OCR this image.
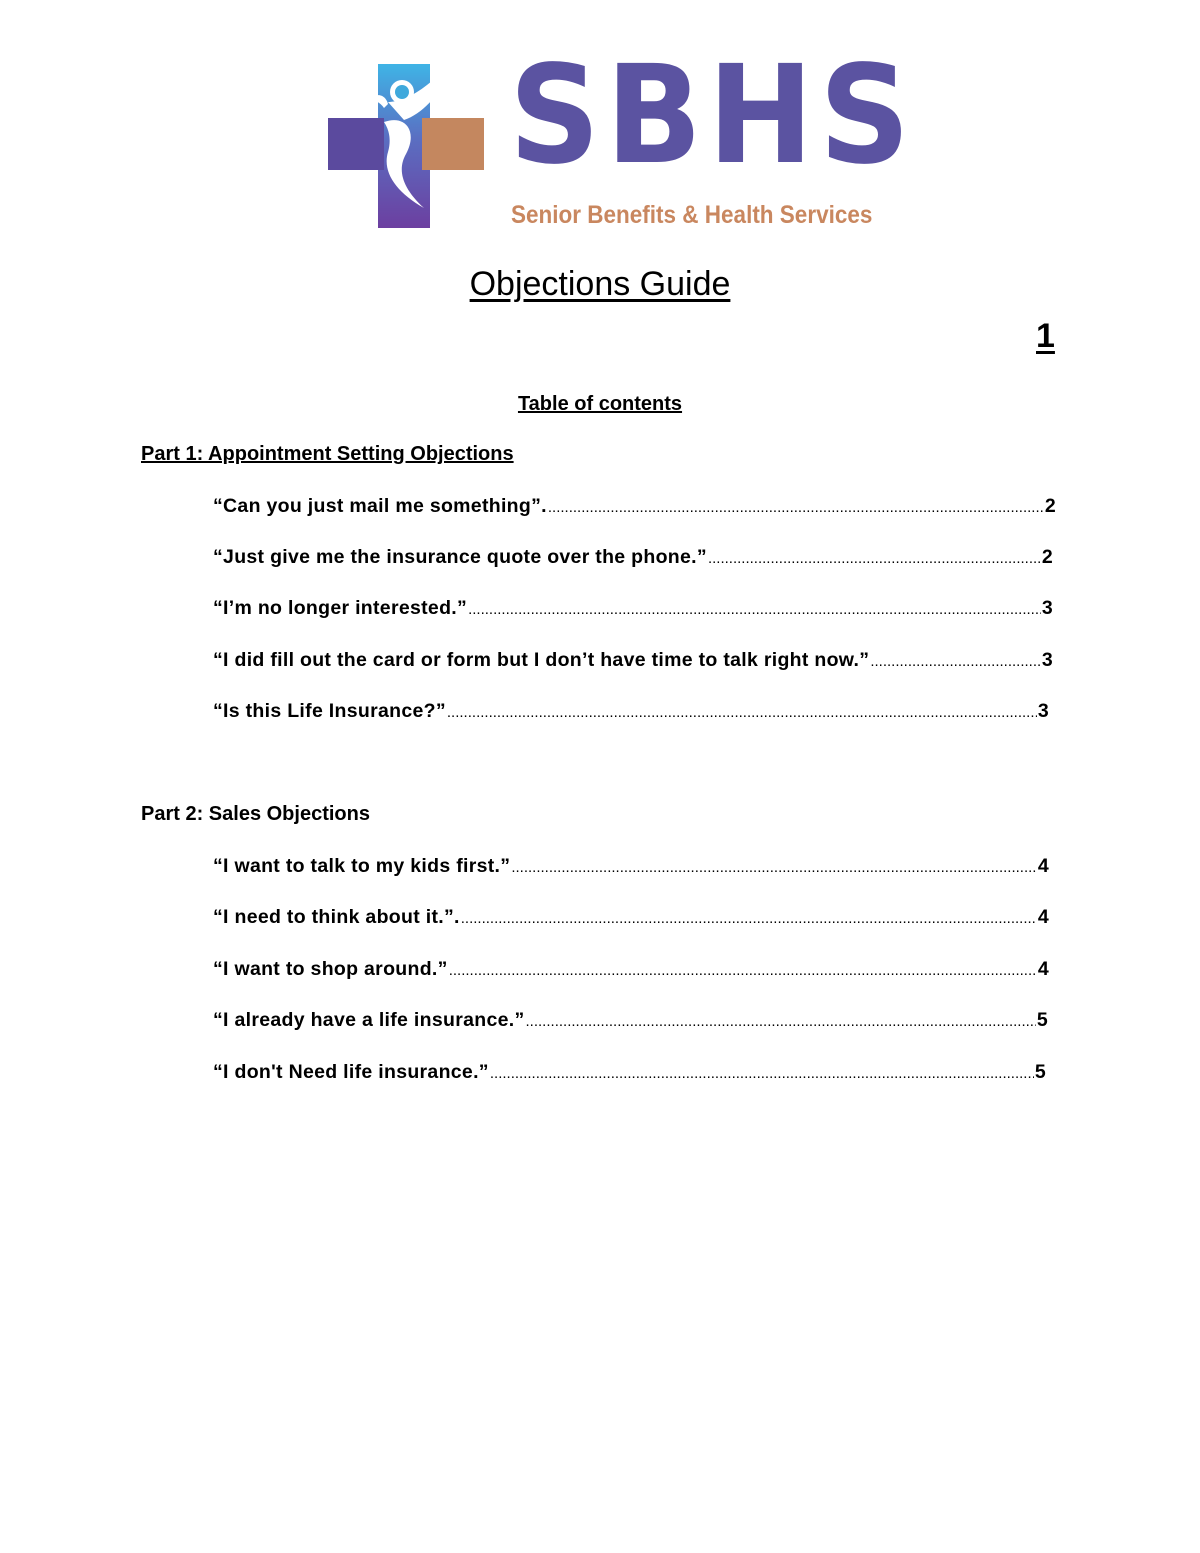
SBHS
Senior Benefits & Health Services
Objections Guide
1
Table of contents
Part 1: Appointment Setting Objections
“Can you just mail me something”. .....	2
“Just give me the insurance quote over the phone.” .....	2
“I’m no longer interested.” .....	3
“I did fill out the card or form but I don’t have time to talk right now.” .....	3
“Is this Life Insurance?” .....	3
Part 2: Sales Objections
“I want to talk to my kids first.” .....	4
“I need to think about it.”. .....	4
“I want to shop around.” .....	4
“I already have a life insurance.” .....	5
“I don't Need life insurance.” .....	5
